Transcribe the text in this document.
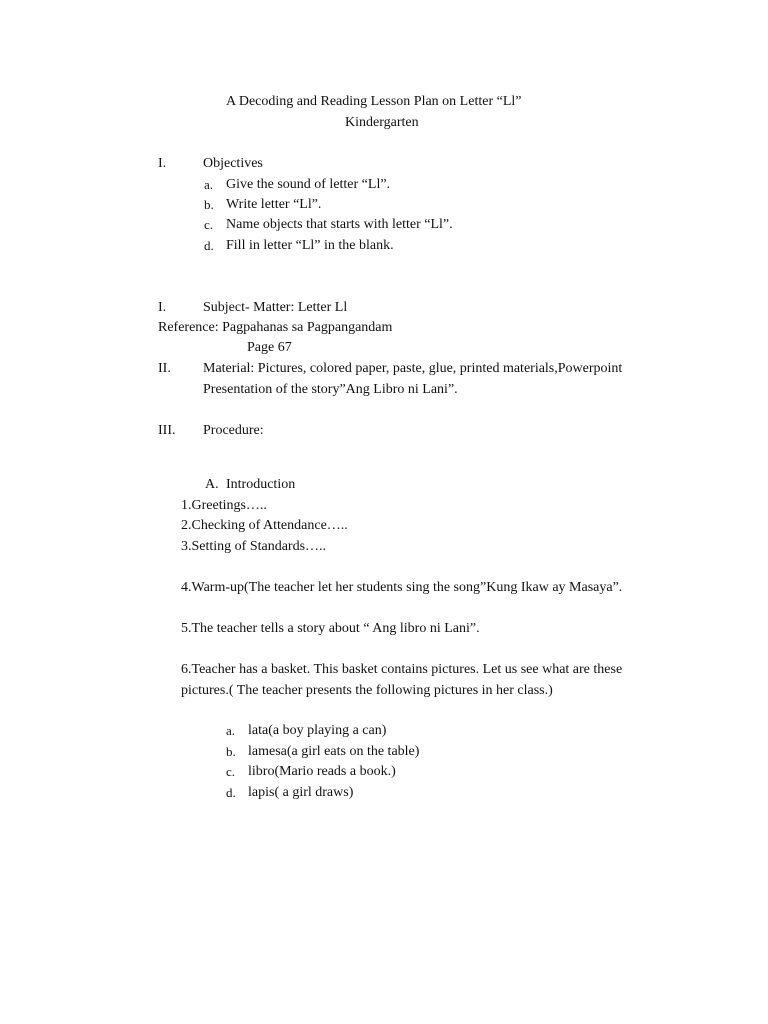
A Decoding and Reading Lesson Plan on Letter “Ll”
Kindergarten
I.	Objectives
a. Give the sound of letter “Ll”.
b. Write letter “Ll”.
c. Name objects that starts with letter “Ll”.
d. Fill in letter “Ll” in the blank.
I.	Subject- Matter: Letter Ll
Reference: Pagpahanas sa Pagpangandam
Page 67
II. Material: Pictures, colored paper, paste, glue, printed materials,Powerpoint
Presentation of the story”Ang Libro ni Lani”.
III. Procedure:
A. Introduction
1.Greetings…..
2.Checking of Attendance…..
3.Setting of Standards…..
4.Warm-up(The teacher let her students sing the song”Kung Ikaw ay Masaya”.
5.The teacher tells a story about “ Ang libro ni Lani”.
6.Teacher has a basket. This basket contains pictures. Let us see what are these
pictures.( The teacher presents the following pictures in her class.)
a. lata(a boy playing a can)
b. lamesa(a girl eats on the table)
c. libro(Mario reads a book.)
d. lapis( a girl draws)
